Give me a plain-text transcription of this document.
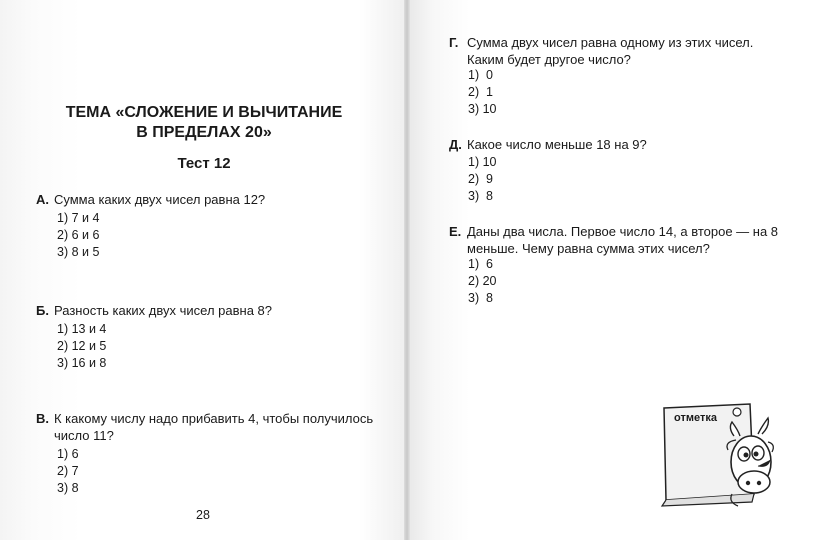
ТЕМА «СЛОЖЕНИЕ И ВЫЧИТАНИЕ
В ПРЕДЕЛАХ 20»
Тест 12
А. Сумма каких двух чисел равна 12?
1) 7 и 4
2) 6 и 6
3) 8 и 5
Б. Разность каких двух чисел равна 8?
1) 13 и 4
2) 12 и 5
3) 16 и 8
В. К какому числу надо прибавить 4, чтобы получилось число 11?
1) 6
2) 7
3) 8
28
Г. Сумма двух чисел равна одному из этих чисел. Каким будет другое число?
1)  0
2)  1
3) 10
Д. Какое число меньше 18 на 9?
1) 10
2)  9
3)  8
Е. Даны два числа. Первое число 14, а второе — на 8 меньше. Чему равна сумма этих чисел?
1)  6
2) 20
3)  8
отметка
